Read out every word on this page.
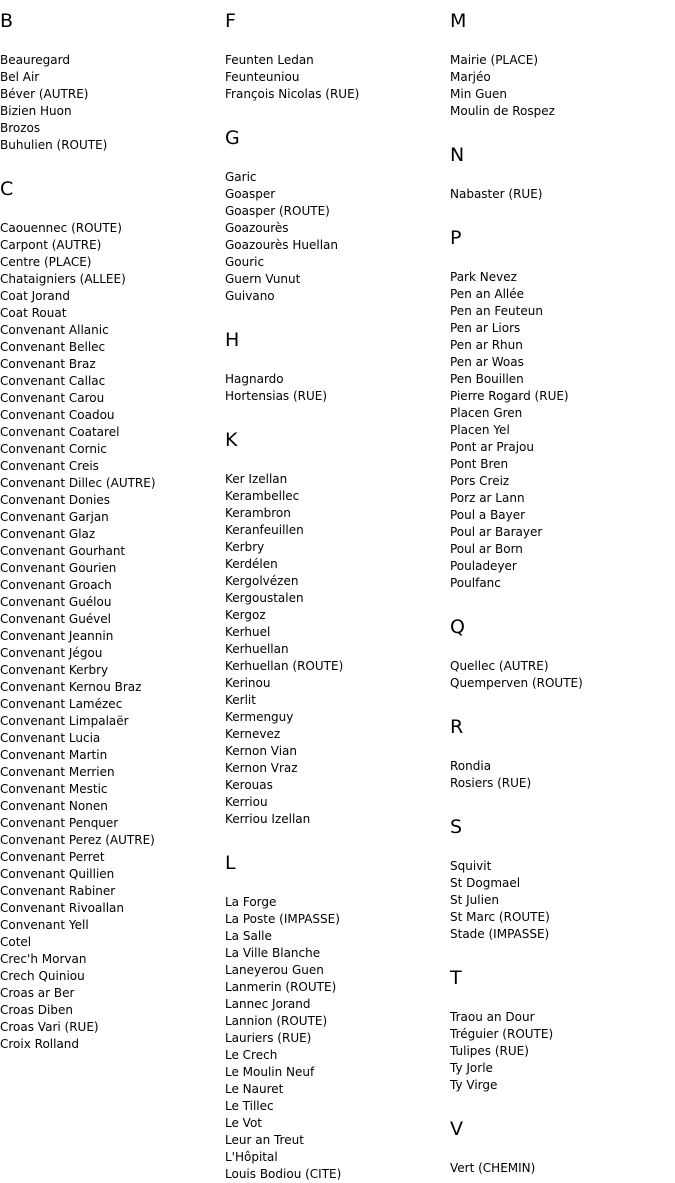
B
Beauregard
Bel Air
Béver (AUTRE)
Bizien Huon
Brozos
Buhulien (ROUTE)
C
Caouennec (ROUTE)
Carpont (AUTRE)
Centre (PLACE)
Chataigniers (ALLEE)
Coat Jorand
Coat Rouat
Convenant Allanic
Convenant Bellec
Convenant Braz
Convenant Callac
Convenant Carou
Convenant Coadou
Convenant Coatarel
Convenant Cornic
Convenant Creis
Convenant Dillec (AUTRE)
Convenant Donies
Convenant Garjan
Convenant Glaz
Convenant Gourhant
Convenant Gourien
Convenant Groach
Convenant Guélou
Convenant Guével
Convenant Jeannin
Convenant Jégou
Convenant Kerbry
Convenant Kernou Braz
Convenant Lamézec
Convenant Limpalaër
Convenant Lucia
Convenant Martin
Convenant Merrien
Convenant Mestic
Convenant Nonen
Convenant Penquer
Convenant Perez (AUTRE)
Convenant Perret
Convenant Quillien
Convenant Rabiner
Convenant Rivoallan
Convenant Yell
Cotel
Crec'h Morvan
Crech Quiniou
Croas ar Ber
Croas Diben
Croas Vari (RUE)
Croix Rolland
F
Feunten Ledan
Feunteuniou
François Nicolas (RUE)
G
Garic
Goasper
Goasper (ROUTE)
Goazourès
Goazourès Huellan
Gouric
Guern Vunut
Guivano
H
Hagnardo
Hortensias (RUE)
K
Ker Izellan
Kerambellec
Kerambron
Keranfeuillen
Kerbry
Kerdélen
Kergolvézen
Kergoustalen
Kergoz
Kerhuel
Kerhuellan
Kerhuellan (ROUTE)
Kerinou
Kerlit
Kermenguy
Kernevez
Kernon Vian
Kernon Vraz
Kerouas
Kerriou
Kerriou Izellan
L
La Forge
La Poste (IMPASSE)
La Salle
La Ville Blanche
Laneyerou Guen
Lanmerin (ROUTE)
Lannec Jorand
Lannion (ROUTE)
Lauriers (RUE)
Le Crech
Le Moulin Neuf
Le Nauret
Le Tillec
Le Vot
Leur an Treut
L'Hôpital
Louis Bodiou (CITE)
M
Mairie (PLACE)
Marjéo
Min Guen
Moulin de Rospez
N
Nabaster (RUE)
P
Park Nevez
Pen an Allée
Pen an Feuteun
Pen ar Liors
Pen ar Rhun
Pen ar Woas
Pen Bouillen
Pierre Rogard (RUE)
Placen Gren
Placen Yel
Pont ar Prajou
Pont Bren
Pors Creiz
Porz ar Lann
Poul a Bayer
Poul ar Barayer
Poul ar Born
Pouladeyer
Poulfanc
Q
Quellec (AUTRE)
Quemperven (ROUTE)
R
Rondia
Rosiers (RUE)
S
Squivit
St Dogmael
St Julien
St Marc (ROUTE)
Stade (IMPASSE)
T
Traou an Dour
Tréguier (ROUTE)
Tulipes (RUE)
Ty Jorle
Ty Virge
V
Vert (CHEMIN)
